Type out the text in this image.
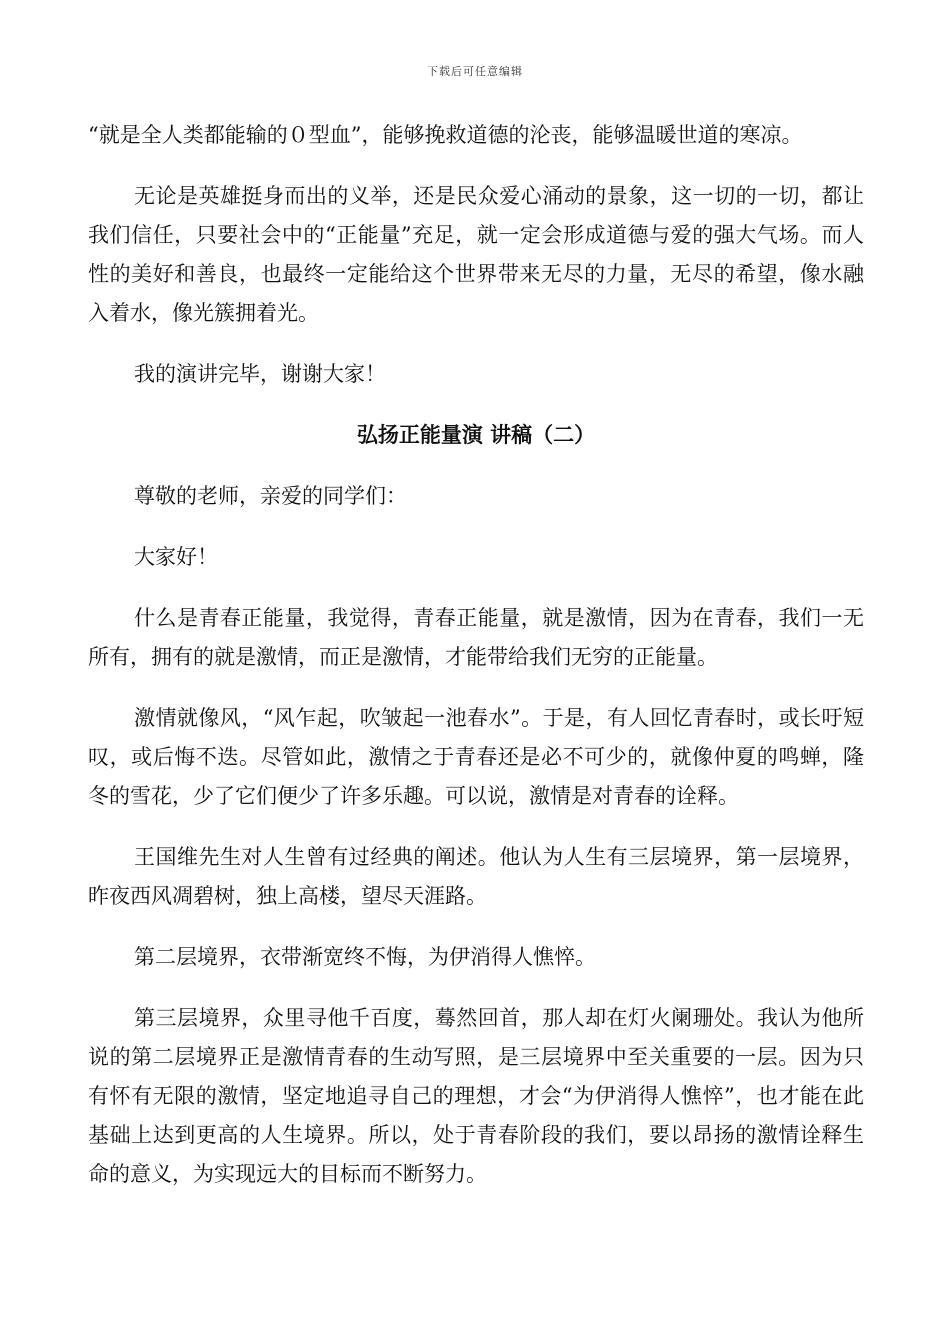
下载后可任意编辑

“就是全人类都能输的０型血”，能够挽救道德的沦丧，能够温暖世道的寒凉。

无论是英雄挺身而出的义举，还是民众爱心涌动的景象，这一切的一切，都让我们信任，只要社会中的“正能量”充足，就一定会形成道德与爱的强大气场。而人性的美好和善良，也最终一定能给这个世界带来无尽的力量，无尽的希望，像水融入着水，像光簇拥着光。

我的演讲完毕，谢谢大家！

弘扬正能量演 讲稿（二）

尊敬的老师，亲爱的同学们：

大家好！

什么是青春正能量，我觉得，青春正能量，就是激情，因为在青春，我们一无所有，拥有的就是激情，而正是激情，才能带给我们无穷的正能量。

激情就像风，“风乍起，吹皱起一池春水”。于是，有人回忆青春时，或长吁短叹，或后悔不迭。尽管如此，激情之于青春还是必不可少的，就像仲夏的鸣蝉，隆冬的雪花，少了它们便少了许多乐趣。可以说，激情是对青春的诠释。

王国维先生对人生曾有过经典的阐述。他认为人生有三层境界，第一层境界，昨夜西风凋碧树，独上高楼，望尽天涯路。

第二层境界，衣带渐宽终不悔，为伊消得人憔悴。

第三层境界，众里寻他千百度，蓦然回首，那人却在灯火阑珊处。我认为他所说的第二层境界正是激情青春的生动写照，是三层境界中至关重要的一层。因为只有怀有无限的激情，坚定地追寻自己的理想，才会“为伊消得人憔悴”，也才能在此基础上达到更高的人生境界。所以，处于青春阶段的我们，要以昂扬的激情诠释生命的意义，为实现远大的目标而不断努力。
